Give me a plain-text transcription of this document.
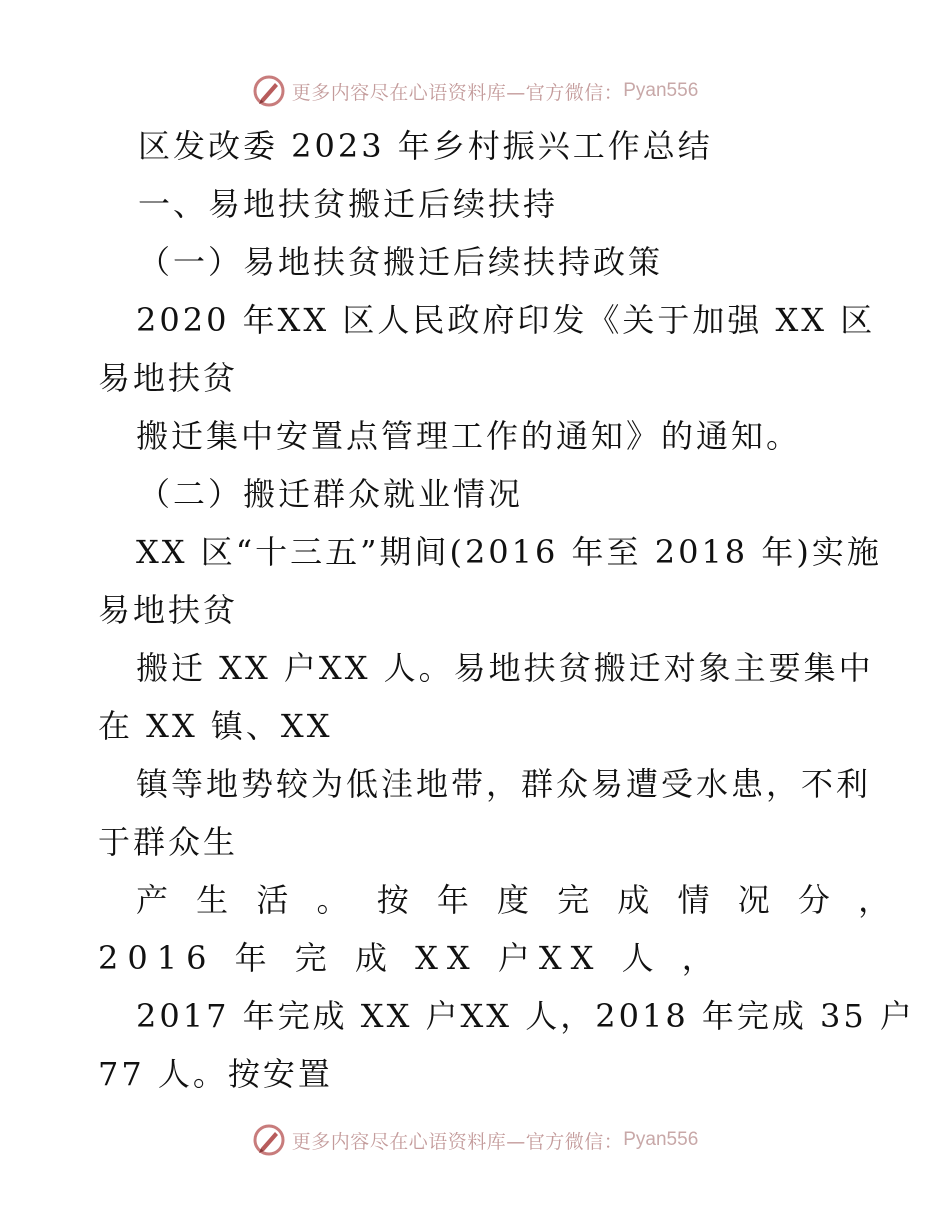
更多内容尽在心语资料库—官方微信： Pyan556
区发改委 2023 年乡村振兴工作总结
一、易地扶贫搬迁后续扶持
（一）易地扶贫搬迁后续扶持政策
2020 年XX 区人民政府印发《关于加强 XX 区
易地扶贫
搬迁集中安置点管理工作的通知》的通知。
（二）搬迁群众就业情况
XX 区“十三五”期间(2016 年至 2018 年)实施
易地扶贫
搬迁 XX 户XX 人。易地扶贫搬迁对象主要集中
在 XX 镇、XX
镇等地势较为低洼地带，群众易遭受水患，不利
于群众生
产 生 活 。 按 年 度 完 成 情 况 分 ，
2016 年 完 成 XX 户XX 人 ，
2017 年完成 XX 户XX 人，2018 年完成 35 户
77 人。按安置
更多内容尽在心语资料库—官方微信： Pyan556
